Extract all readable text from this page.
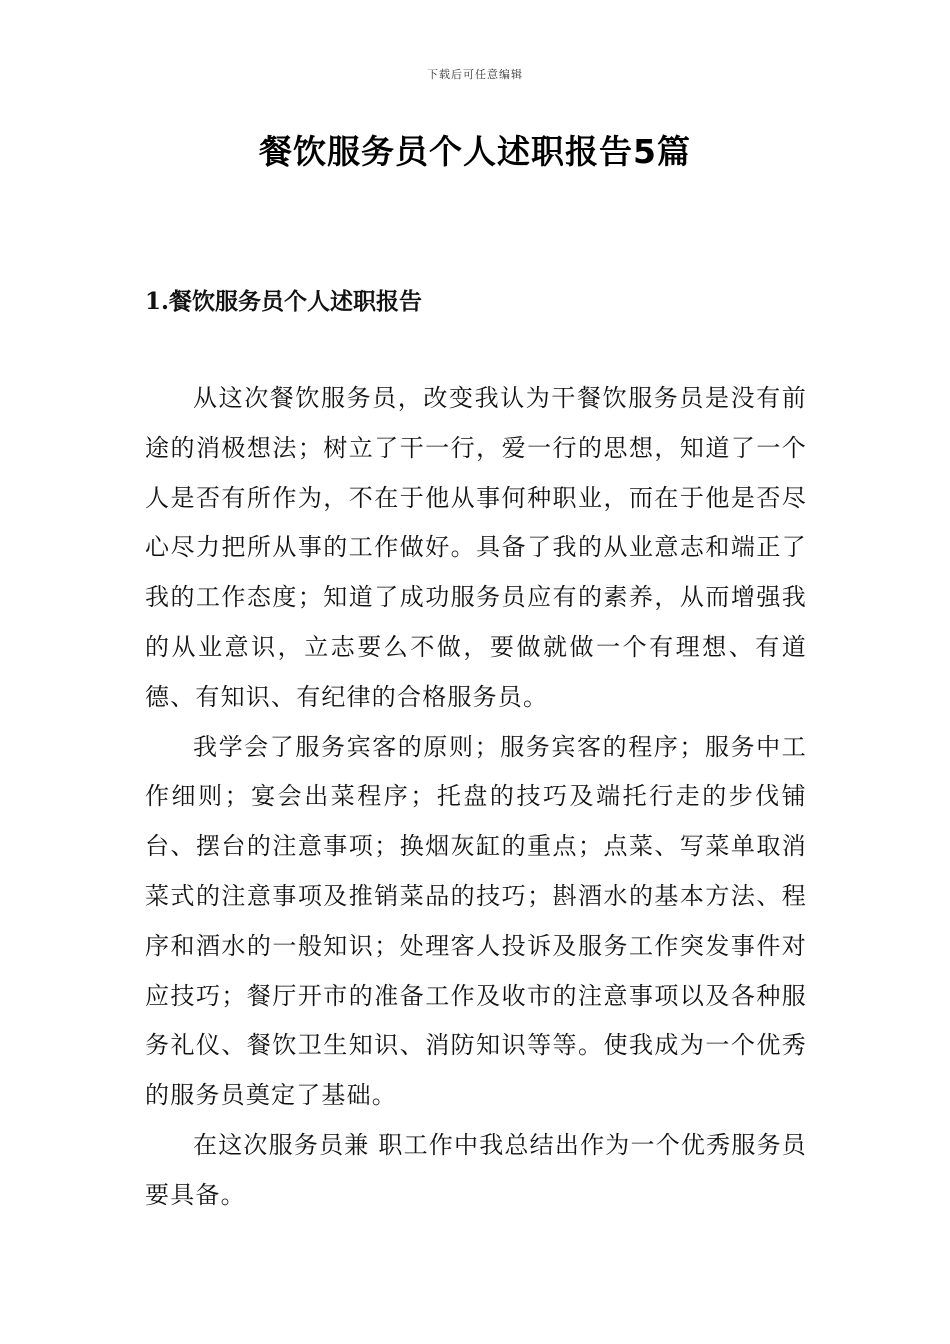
下载后可任意编辑
餐饮服务员个人述职报告5篇
1.餐饮服务员个人述职报告

从这次餐饮服务员，改变我认为干餐饮服务员是没有前途的消极想法；树立了干一行，爱一行的思想，知道了一个人是否有所作为，不在于他从事何种职业，而在于他是否尽心尽力把所从事的工作做好。具备了我的从业意志和端正了我的工作态度；知道了成功服务员应有的素养，从而增强我的从业意识，立志要么不做，要做就做一个有理想、有道德、有知识、有纪律的合格服务员。

我学会了服务宾客的原则；服务宾客的程序；服务中工作细则；宴会出菜程序；托盘的技巧及端托行走的步伐铺台、摆台的注意事项；换烟灰缸的重点；点菜、写菜单取消菜式的注意事项及推销菜品的技巧；斟酒水的基本方法、程序和酒水的一般知识；处理客人投诉及服务工作突发事件对应技巧；餐厅开市的准备工作及收市的注意事项以及各种服务礼仪、餐饮卫生知识、消防知识等等。使我成为一个优秀的服务员奠定了基础。

在这次服务员兼 职工作中我总结出作为一个优秀服务员要具备。
